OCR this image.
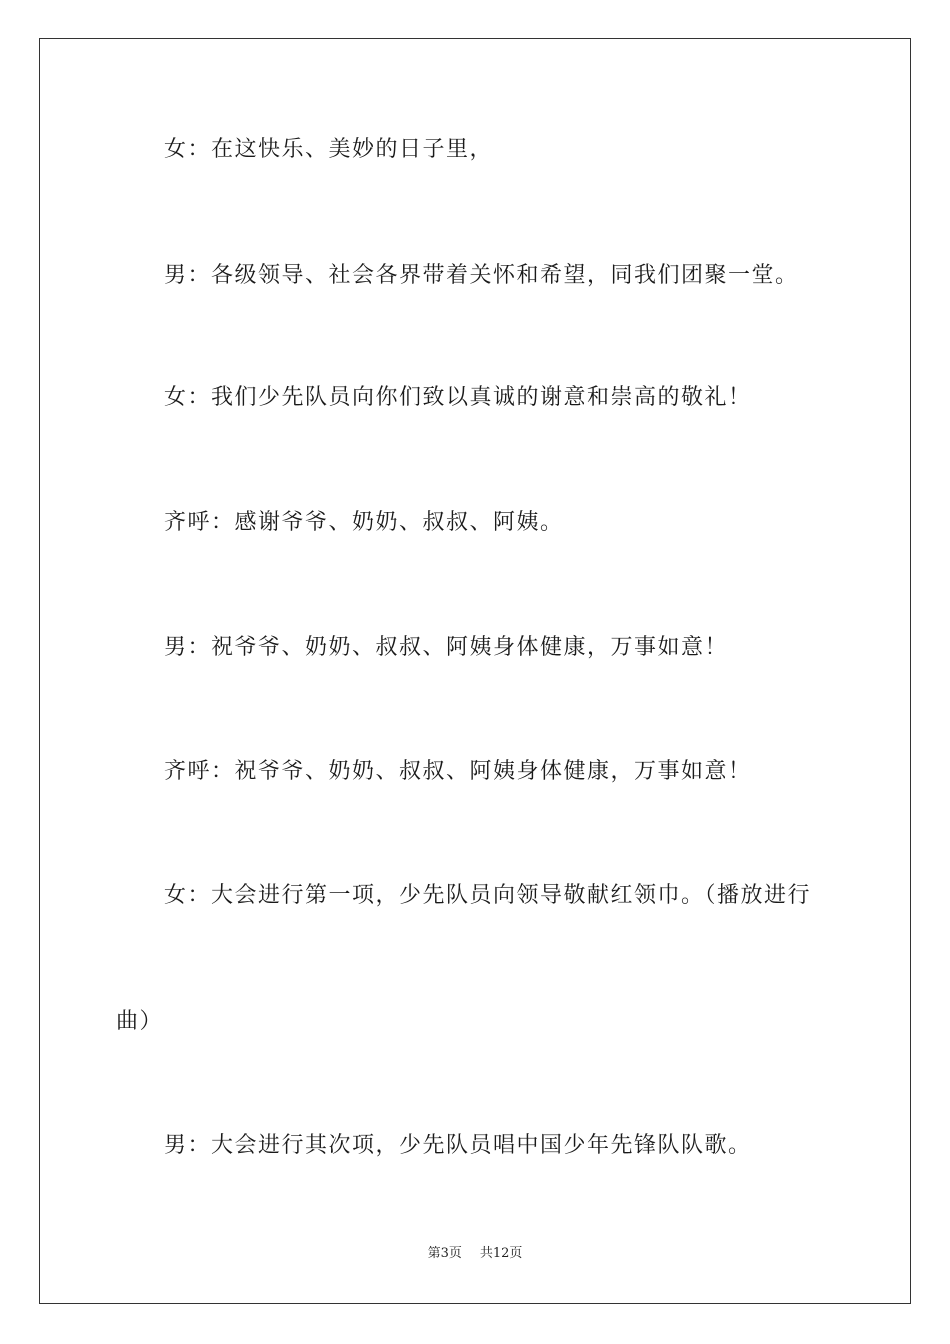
女：在这快乐、美妙的日子里，
男：各级领导、社会各界带着关怀和希望，同我们团聚一堂。
女：我们少先队员向你们致以真诚的谢意和崇高的敬礼！
齐呼：感谢爷爷、奶奶、叔叔、阿姨。
男：祝爷爷、奶奶、叔叔、阿姨身体健康，万事如意！
齐呼：祝爷爷、奶奶、叔叔、阿姨身体健康，万事如意！
女：大会进行第一项，少先队员向领导敬献红领巾。（播放进行
曲）
男：大会进行其次项，少先队员唱中国少年先锋队队歌。
第3页 共12页
